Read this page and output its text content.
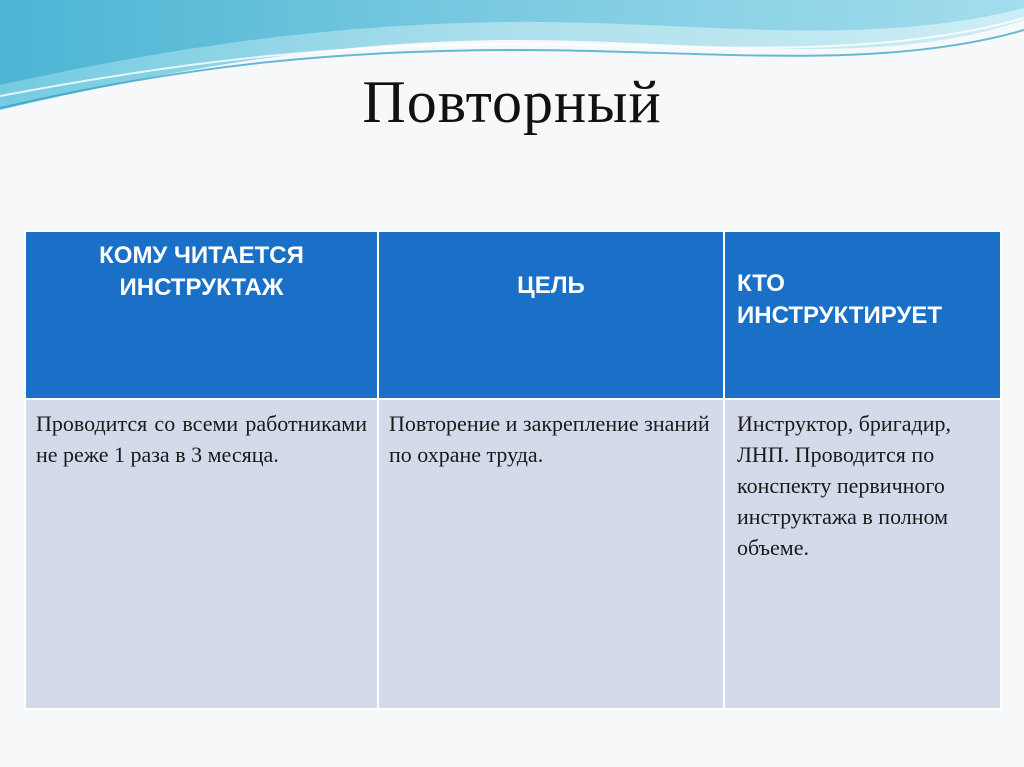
Повторный
КОМУ ЧИТАЕТСЯ ИНСТРУКТАЖ	ЦЕЛЬ	КТО ИНСТРУКТИРУЕТ
Проводится со всеми работниками не реже 1 раза в 3 месяца.	Повторение и закрепление знаний по охране труда.	Инструктор, бригадир, ЛНП. Проводится по конспекту первичного инструктажа в полном объеме.
